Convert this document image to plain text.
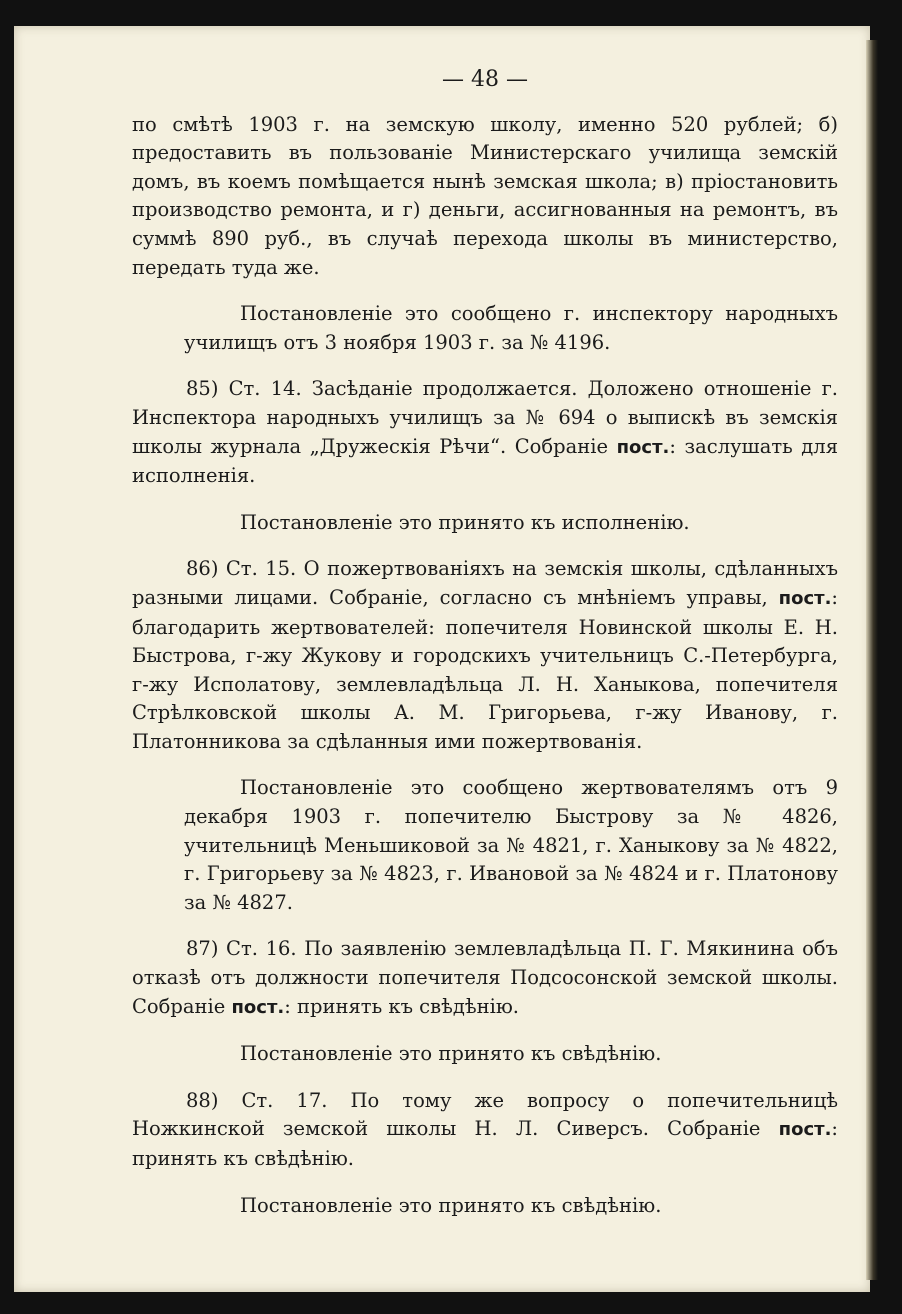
— 48 —

по смѣтѣ 1903 г. на земскую школу, именно 520 рублей; б) предоставить въ пользованіе Министерскаго училища земскій домъ, въ коемъ помѣщается нынѣ земская школа; в) пріостановить производство ремонта, и г) деньги, ассигнованныя на ремонтъ, въ суммѣ 890 руб., въ случаѣ перехода школы въ министерство, передать туда же.

Постановленіе это сообщено г. инспектору народныхъ училищъ отъ 3 ноября 1903 г. за № 4196.

85) Ст. 14. Засѣданіе продолжается. Доложено отношеніе г. Инспектора народныхъ училищъ за № 694 о выпискѣ въ земскія школы журнала „Дружескія Рѣчи“. Собраніе пост.: заслушать для исполненія.

Постановленіе это принято къ исполненію.

86) Ст. 15. О пожертвованіяхъ на земскія школы, сдѣланныхъ разными лицами. Собраніе, согласно съ мнѣніемъ управы, пост.: благодарить жертвователей: попечителя Новинской школы Е. Н. Быстрова, г-жу Жукову и городскихъ учительницъ С.-Петербурга, г-жу Исполатову, землевладѣльца Л. Н. Ханыкова, попечителя Стрѣлковской школы А. М. Григорьева, г-жу Иванову, г. Платонникова за сдѣланныя ими пожертвованія.

Постановленіе это сообщено жертвователямъ отъ 9 декабря 1903 г. попечителю Быстрову за № 4826, учительницѣ Меньшиковой за № 4821, г. Ханыкову за № 4822, г. Григорьеву за № 4823, г. Ивановой за № 4824 и г. Платонову за № 4827.

87) Ст. 16. По заявленію землевладѣльца П. Г. Мякинина объ отказѣ отъ должности попечителя Подсосонской земской школы. Собраніе пост.: принять къ свѣдѣнію.

Постановленіе это принято къ свѣдѣнію.

88) Ст. 17. По тому же вопросу о попечительницѣ Ножкинской земской школы Н. Л. Сиверсъ. Собраніе пост.: принять къ свѣдѣнію.

Постановленіе это принято къ свѣдѣнію.
